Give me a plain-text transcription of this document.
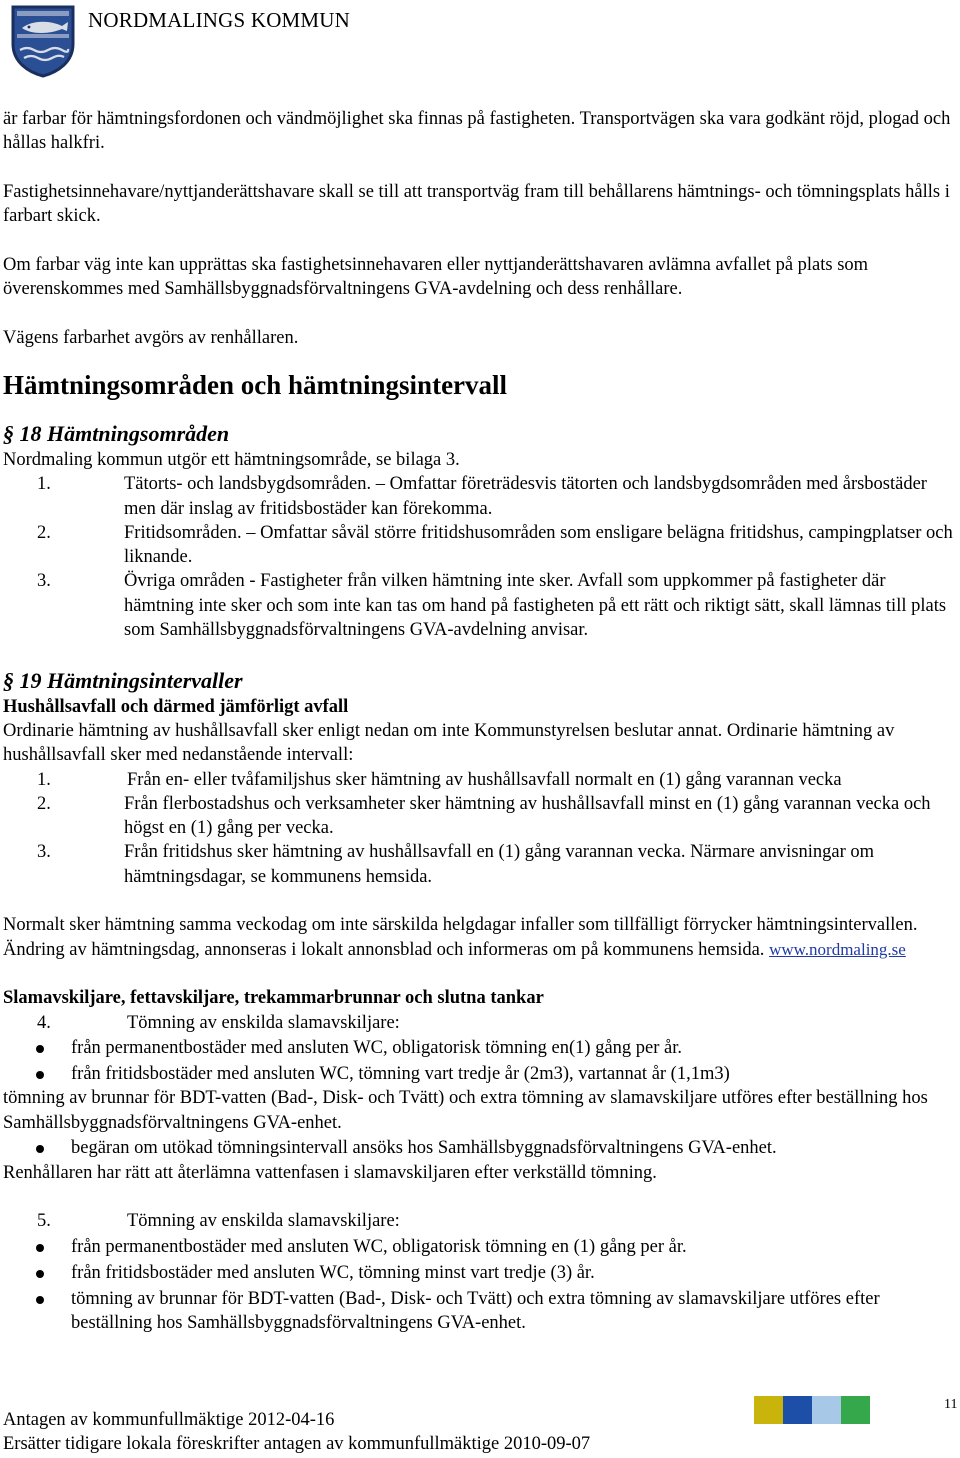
NORDMALINGS KOMMUN

är farbar för hämtningsfordonen och vändmöjlighet ska finnas på fastigheten. Transportvägen ska vara godkänt röjd, plogad och hållas halkfri.

Fastighetsinnehavare/nyttjanderättshavare skall se till att transportväg fram till behållarens hämtnings- och tömningsplats hålls i farbart skick.

Om farbar väg inte kan upprättas ska fastighetsinnehavaren eller nyttjanderättshavaren avlämna avfallet på plats som överenskommes med Samhällsbyggnadsförvaltningens GVA-avdelning och dess renhållare.

Vägens farbarhet avgörs av renhållaren.

Hämtningsområden och hämtningsintervall

§ 18 Hämtningsområden

Nordmaling kommun utgör ett hämtningsområde, se bilaga 3.

1.	Tätorts- och landsbygdsområden. – Omfattar företrädesvis tätorten och landsbygdsområden med årsbostäder men där inslag av fritidsbostäder kan förekomma.
2.	Fritidsområden. – Omfattar såväl större fritidshusområden som ensligare belägna fritidshus, campingplatser och liknande.
3.	Övriga områden - Fastigheter från vilken hämtning inte sker. Avfall som uppkommer på fastigheter där hämtning inte sker och som inte kan tas om hand på fastigheten på ett rätt och riktigt sätt, skall lämnas till plats som Samhällsbyggnadsförvaltningens GVA-avdelning anvisar.

§ 19 Hämtningsintervaller

Hushållsavfall och därmed jämförligt avfall

Ordinarie hämtning av hushållsavfall sker enligt nedan om inte Kommunstyrelsen beslutar annat. Ordinarie hämtning av hushållsavfall sker med nedanstående intervall:

1.	Från en- eller tvåfamiljshus sker hämtning av hushållsavfall normalt en (1) gång varannan vecka
2.	Från flerbostadshus och verksamheter sker hämtning av hushållsavfall minst en (1) gång varannan vecka och högst en (1) gång per vecka.
3.	Från fritidshus sker hämtning av hushållsavfall en (1) gång varannan vecka. Närmare anvisningar om hämtningsdagar, se kommunens hemsida.

Normalt sker hämtning samma veckodag om inte särskilda helgdagar infaller som tillfälligt förrycker hämtningsintervallen. Ändring av hämtningsdag, annonseras i lokalt annonsblad och informeras om på kommunens hemsida. www.nordmaling.se

Slamavskiljare, fettavskiljare, trekammarbrunnar och slutna tankar

4.	Tömning av enskilda slamavskiljare:
från permanentbostäder med ansluten WC, obligatorisk tömning en(1) gång per år.
från fritidsbostäder med ansluten WC, tömning vart tredje år (2m3), vartannat år (1,1m3)

tömning av brunnar för BDT-vatten (Bad-, Disk- och Tvätt) och extra tömning av slamavskiljare utföres efter beställning hos Samhällsbyggnadsförvaltningens GVA-enhet.

begäran om utökad tömningsintervall ansöks hos Samhällsbyggnadsförvaltningens GVA-enhet.

Renhållaren har rätt att återlämna vattenfasen i slamavskiljaren efter verkställd tömning.

5.	Tömning av enskilda slamavskiljare:
från permanentbostäder med ansluten WC, obligatorisk tömning en (1) gång per år.
från fritidsbostäder med ansluten WC, tömning minst vart tredje (3) år.
tömning av brunnar för BDT-vatten (Bad-, Disk- och Tvätt) och extra tömning av slamavskiljare utföres efter beställning hos Samhällsbyggnadsförvaltningens GVA-enhet.

Antagen av kommunfullmäktige 2012-04-16

Ersätter tidigare lokala föreskrifter antagen av kommunfullmäktige 2010-09-07

11
